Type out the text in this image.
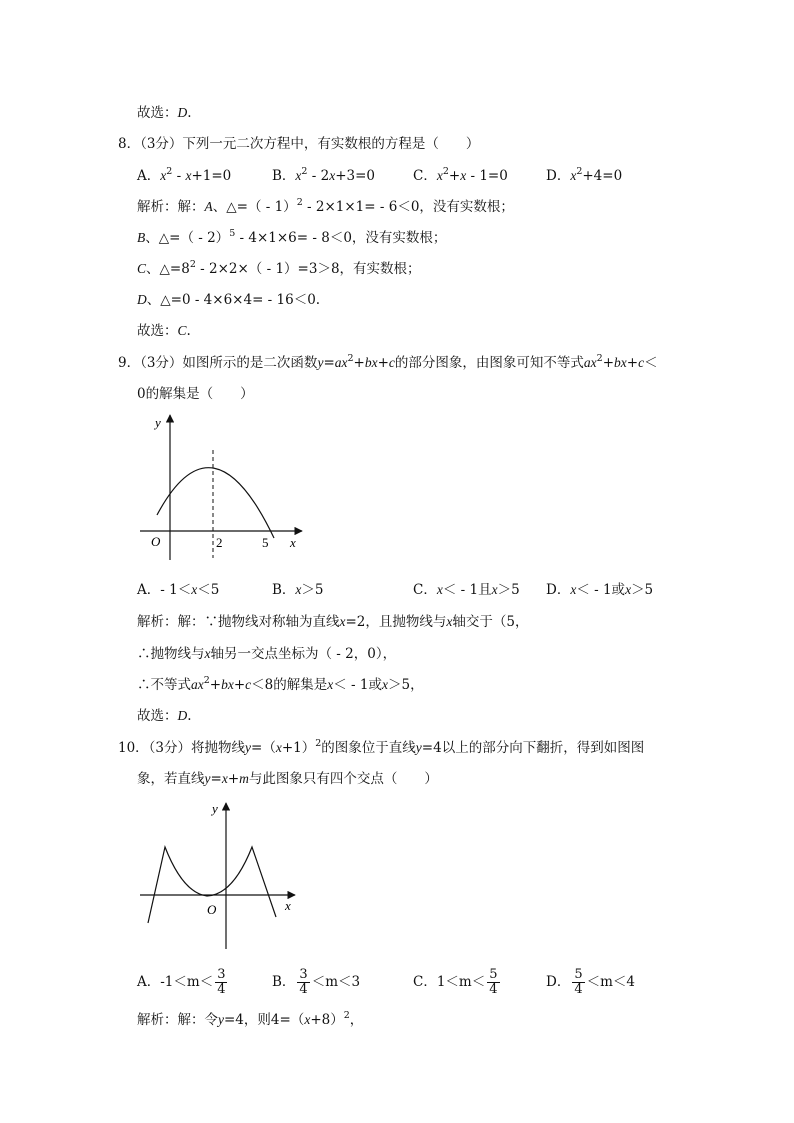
故选：D.
8．（3分）下列一元二次方程中，有实数根的方程是（　　）
A．$x^2 - x+1=0$	B．$x^2 - 2x+3=0$	C．$x^2+x - 1=0$	D．$x^2+4=0$
解析：解：A、△=（ - 1）$^2$ - 2×1×1= - 6＜0，没有实数根；
B、△=（ - 2）$^5$ - 4×1×6= - 8＜0，没有实数根；
C、$\triangle=8^2 - 2\times 2\times( - 1)=3>8$，有实数根；
D、△=0 - 4×6×4= - 16＜0.
故选：C.
9．（3分）如图所示的是二次函数$y=ax^2+bx+c$的部分图象，由图象可知不等式$ax^2+bx+c<$
0的解集是（　　）
y
x
O	2	5
A．- 1＜x＜5	B．x＞5	C．x＜ - 1且x＞5 D．x＜ - 1或x＞5
解析：解：∵抛物线对称轴为直线x=2，且抛物线与x轴交于（5，
∴抛物线与x轴另一交点坐标为（ - 2，0），
∴不等式$ax^2+bx+c<8$的解集是x＜ - 1或x＞5，
故选：D.
10．（3分）将抛物线$y=(x+1)^2$的图象位于直线y=4以上的部分向下翻折，得到如图图
象，若直线y=x+m与此图象只有四个交点（　　）
y
x
O
A．$-1<m< \frac{3}{4}$	B． $\frac{3}{4} <m<3$	C．$1<m< \frac{5}{4}$	D． $\frac{5}{4} <m<4$
解析：解：令y=4，则$4=(x+8)^2$，
